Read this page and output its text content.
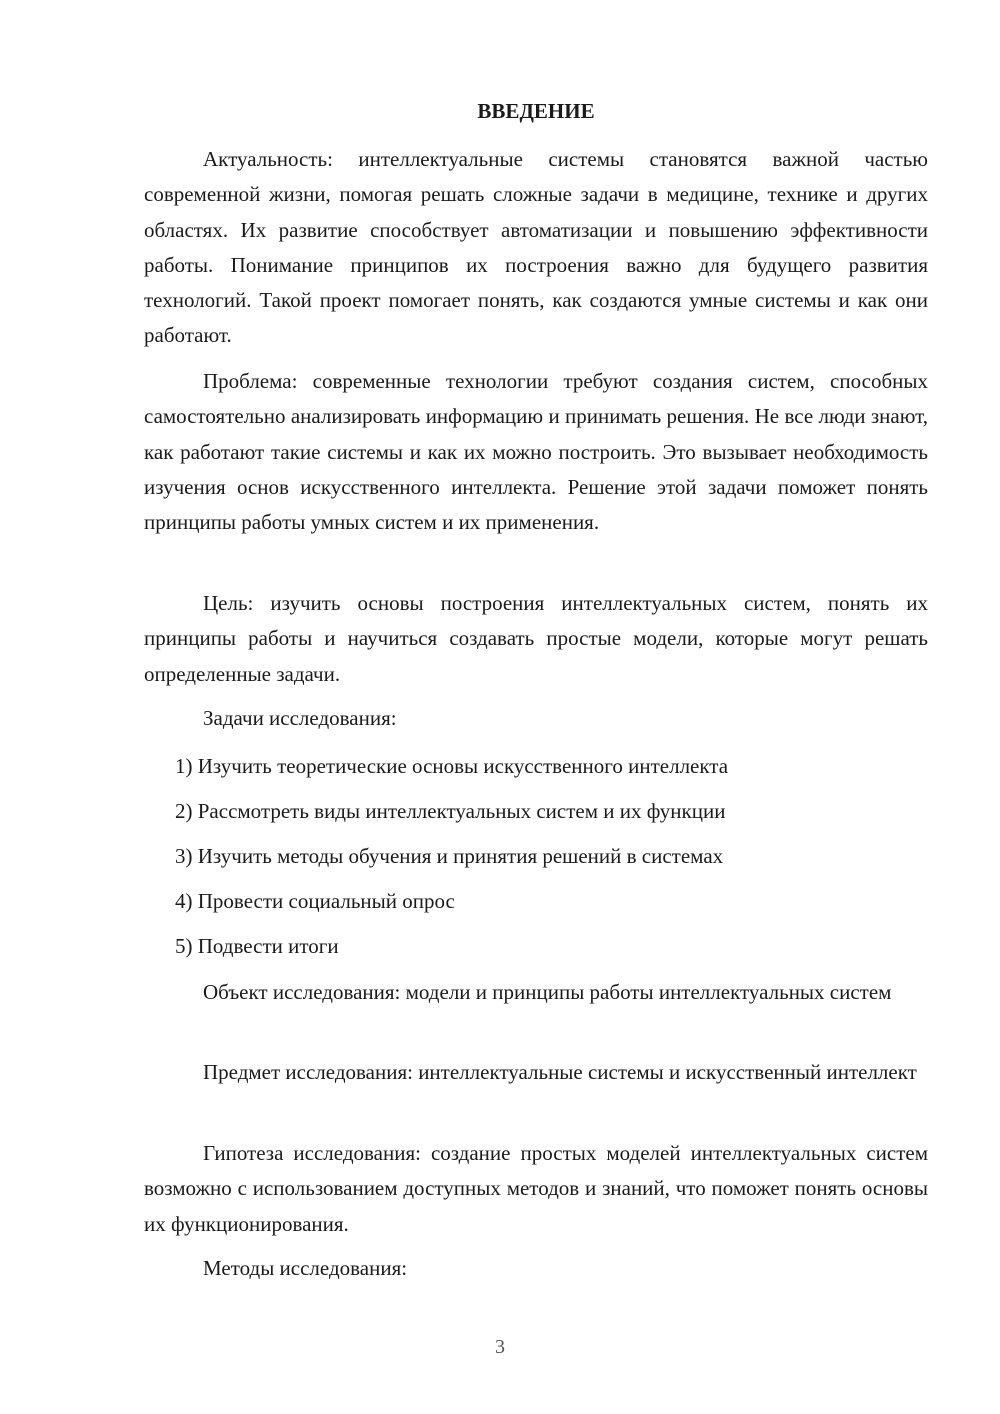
ВВЕДЕНИЕ

Актуальность: интеллектуальные системы становятся важной частью современной жизни, помогая решать сложные задачи в медицине, технике и других областях. Их развитие способствует автоматизации и повышению эффективности работы. Понимание принципов их построения важно для будущего развития технологий. Такой проект помогает понять, как создаются умные системы и как они работают.

Проблема: современные технологии требуют создания систем, способных самостоятельно анализировать информацию и принимать решения. Не все люди знают, как работают такие системы и как их можно построить. Это вызывает необходимость изучения основ искусственного интеллекта. Решение этой задачи поможет понять принципы работы умных систем и их применения.

Цель: изучить основы построения интеллектуальных систем, понять их принципы работы и научиться создавать простые модели, которые могут решать определенные задачи.

Задачи исследования:

1) Изучить теоретические основы искусственного интеллекта
2) Рассмотреть виды интеллектуальных систем и их функции
3) Изучить методы обучения и принятия решений в системах
4) Провести социальный опрос
5) Подвести итоги

Объект исследования: модели и принципы работы интеллектуальных систем

Предмет исследования: интеллектуальные системы и искусственный интеллект

Гипотеза исследования: создание простых моделей интеллектуальных систем возможно с использованием доступных методов и знаний, что поможет понять основы их функционирования.

Методы исследования:

3
